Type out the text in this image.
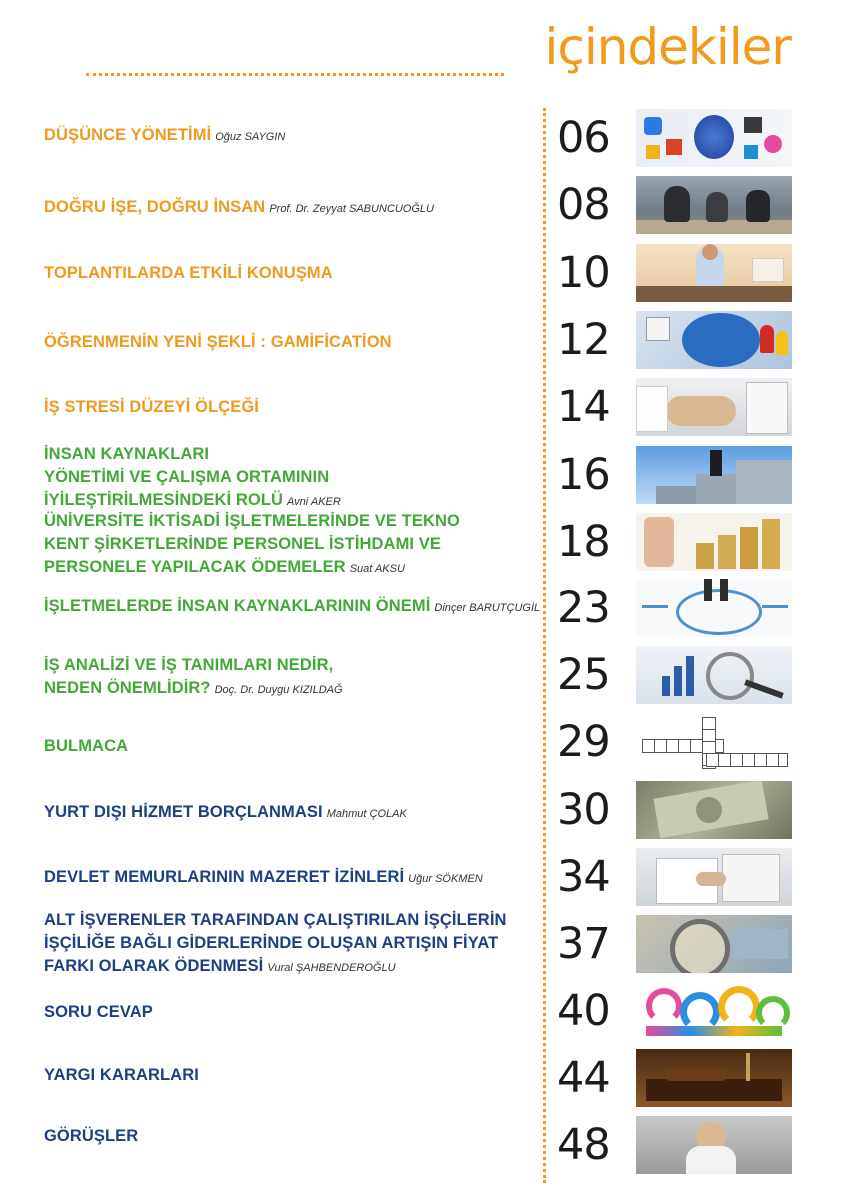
içindekiler
DÜŞÜNCE YÖNETİMİ Oğuz SAYGIN	06
DOĞRU İŞE, DOĞRU İNSAN Prof. Dr. Zeyyat SABUNCUOĞLU	08
TOPLANTILARDA ETKİLİ KONUŞMA	10
ÖĞRENMENİN YENİ ŞEKLİ : GAMİFİCATİON	12
İŞ STRESİ DÜZEYİ ÖLÇEĞİ	14
İNSAN KAYNAKLARI
YÖNETİMİ VE ÇALIŞMA ORTAMININ
İYİLEŞTİRİLMESİNDEKİ ROLÜ Avni AKER
16
ÜNİVERSİTE İKTİSADİ İŞLETMELERİNDE VE TEKNO
KENT ŞİRKETLERİNDE PERSONEL İSTİHDAMI VE
PERSONELE YAPILACAK ÖDEMELER Suat AKSU
18
İŞLETMELERDE İNSAN KAYNAKLARININ ÖNEMİ Dinçer BARUTÇUGİL 23
İŞ ANALİZİ VE İŞ TANIMLARI NEDİR,
NEDEN ÖNEMLİDİR? Doç. Dr. Duygu KIZILDAĞ	25
BULMACA	29
YURT DIŞI HİZMET BORÇLANMASI Mahmut ÇOLAK	30
DEVLET MEMURLARININ MAZERET İZİNLERİ Uğur SÖKMEN 34
ALT İŞVERENLER TARAFINDAN ÇALIŞTIRILAN İŞÇİLERİN
İŞÇİLİĞE BAĞLI GİDERLERİNDE OLUŞAN ARTIŞIN FİYAT
FARKI OLARAK ÖDENMESİ Vural ŞAHBENDEROĞLU	37
SORU CEVAP	40
YARGI KARARLARI	44
GÖRÜŞLER	48
